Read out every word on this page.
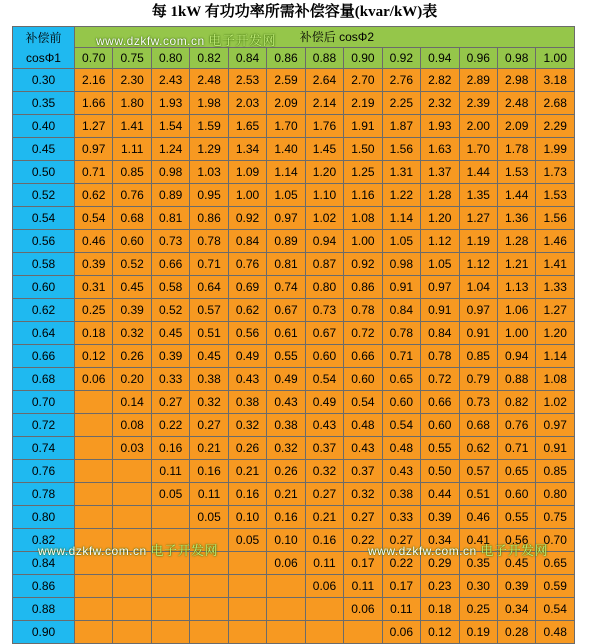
每 1kW 有功功率所需补偿容量(kvar/kW)表
补偿前
cosΦ1	补偿后 cosΦ2												
	0.70	0.75	0.80	0.82	0.84	0.86	0.88	0.90	0.92	0.94	0.96	0.98	1.00
0.30	2.16	2.30	2.43	2.48	2.53	2.59	2.64	2.70	2.76	2.82	2.89	2.98	3.18
0.35	1.66	1.80	1.93	1.98	2.03	2.09	2.14	2.19	2.25	2.32	2.39	2.48	2.68
0.40	1.27	1.41	1.54	1.59	1.65	1.70	1.76	1.91	1.87	1.93	2.00	2.09	2.29
0.45	0.97	1.11	1.24	1.29	1.34	1.40	1.45	1.50	1.56	1.63	1.70	1.78	1.99
0.50	0.71	0.85	0.98	1.03	1.09	1.14	1.20	1.25	1.31	1.37	1.44	1.53	1.73
0.52	0.62	0.76	0.89	0.95	1.00	1.05	1.10	1.16	1.22	1.28	1.35	1.44	1.53
0.54	0.54	0.68	0.81	0.86	0.92	0.97	1.02	1.08	1.14	1.20	1.27	1.36	1.56
0.56	0.46	0.60	0.73	0.78	0.84	0.89	0.94	1.00	1.05	1.12	1.19	1.28	1.46
0.58	0.39	0.52	0.66	0.71	0.76	0.81	0.87	0.92	0.98	1.05	1.12	1.21	1.41
0.60	0.31	0.45	0.58	0.64	0.69	0.74	0.80	0.86	0.91	0.97	1.04	1.13	1.33
0.62	0.25	0.39	0.52	0.57	0.62	0.67	0.73	0.78	0.84	0.91	0.97	1.06	1.27
0.64	0.18	0.32	0.45	0.51	0.56	0.61	0.67	0.72	0.78	0.84	0.91	1.00	1.20
0.66	0.12	0.26	0.39	0.45	0.49	0.55	0.60	0.66	0.71	0.78	0.85	0.94	1.14
0.68	0.06	0.20	0.33	0.38	0.43	0.49	0.54	0.60	0.65	0.72	0.79	0.88	1.08
0.70		0.14	0.27	0.32	0.38	0.43	0.49	0.54	0.60	0.66	0.73	0.82	1.02
0.72		0.08	0.22	0.27	0.32	0.38	0.43	0.48	0.54	0.60	0.68	0.76	0.97
0.74		0.03	0.16	0.21	0.26	0.32	0.37	0.43	0.48	0.55	0.62	0.71	0.91
0.76			0.11	0.16	0.21	0.26	0.32	0.37	0.43	0.50	0.57	0.65	0.85
0.78			0.05	0.11	0.16	0.21	0.27	0.32	0.38	0.44	0.51	0.60	0.80
0.80				0.05	0.10	0.16	0.21	0.27	0.33	0.39	0.46	0.55	0.75
0.82					0.05	0.10	0.16	0.22	0.27	0.34	0.41	0.56	0.70
0.84						0.06	0.11	0.17	0.22	0.29	0.35	0.45	0.65
0.86							0.06	0.11	0.17	0.23	0.30	0.39	0.59
0.88								0.06	0.11	0.18	0.25	0.34	0.54
0.90									0.06	0.12	0.19	0.28	0.48
www.dzkfw.com.cn 电子开发网
www.dzkfw.com.cn 电子开发网	www.dzkfw.com.cn 电子开发网
